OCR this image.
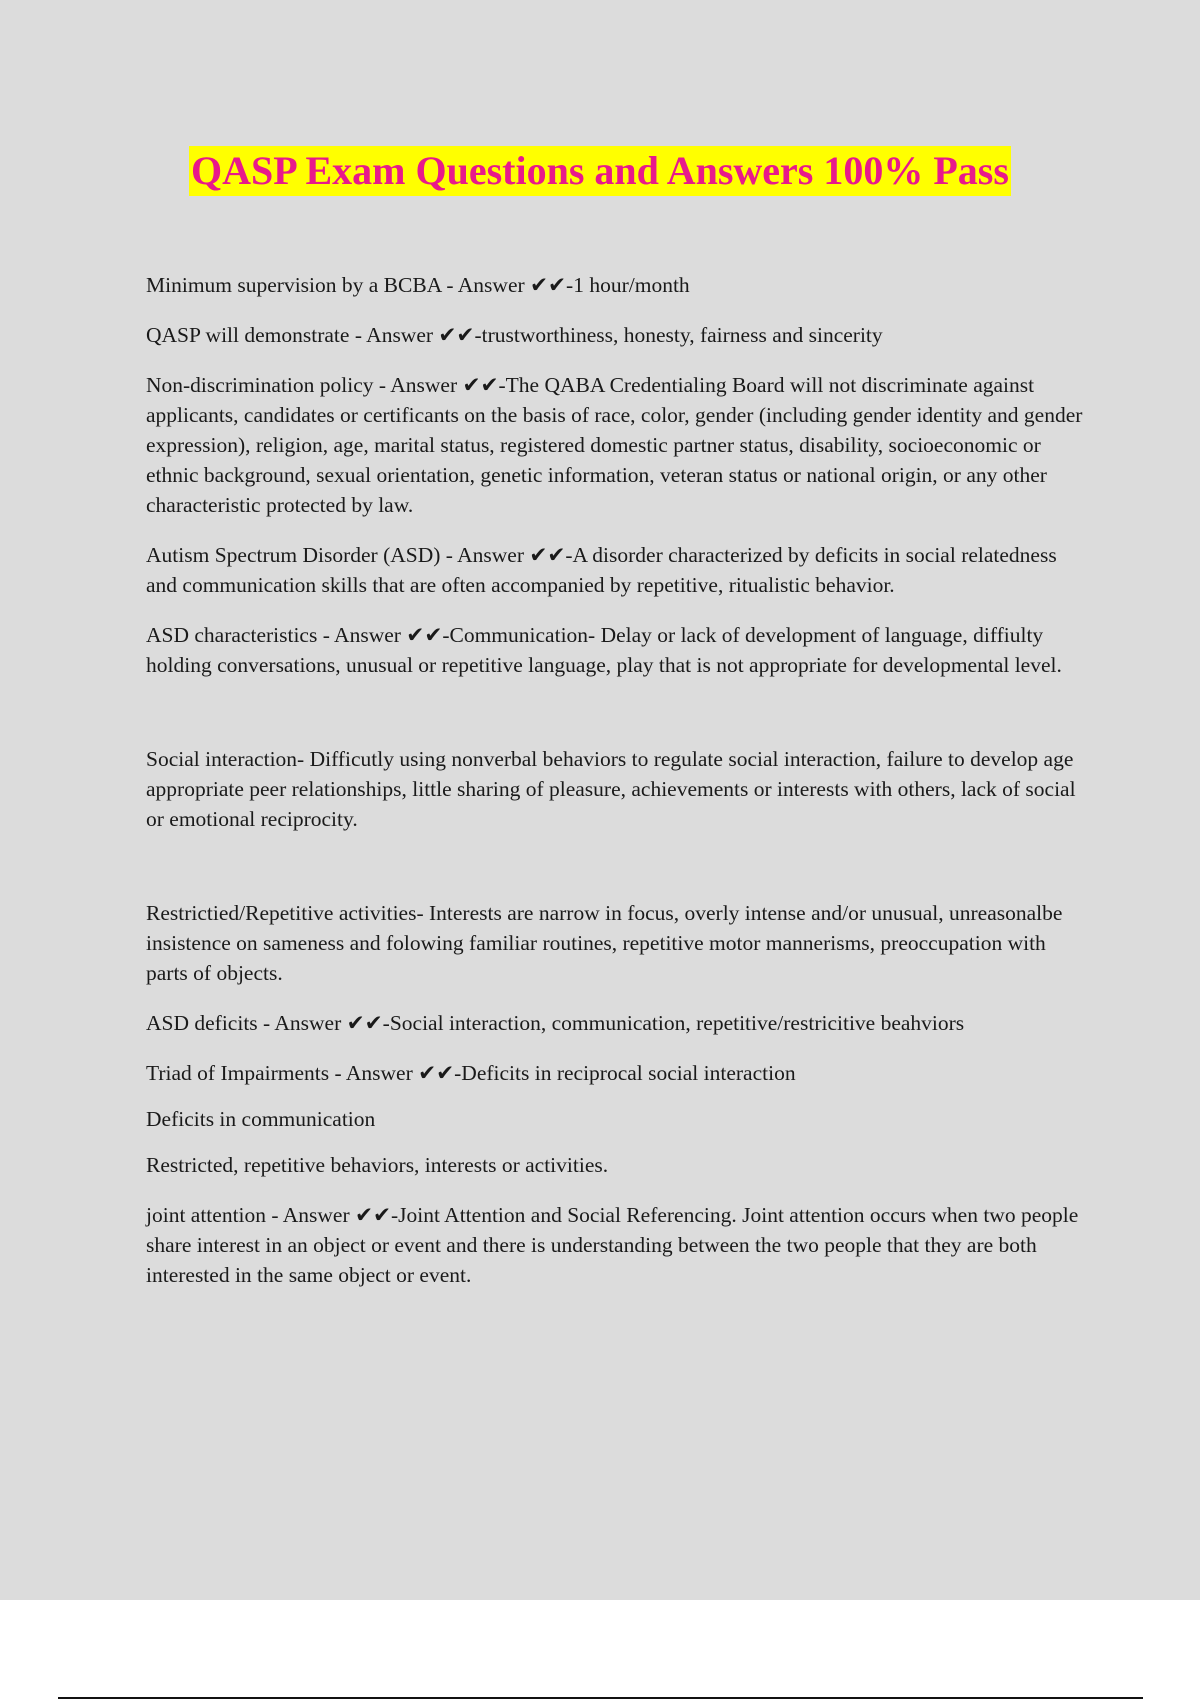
QASP Exam Questions and Answers 100% Pass

Minimum supervision by a BCBA - Answer ✔✔-1 hour/month

QASP will demonstrate - Answer ✔✔-trustworthiness, honesty, fairness and sincerity

Non-discrimination policy - Answer ✔✔-The QABA Credentialing Board will not discriminate against applicants, candidates or certificants on the basis of race, color, gender (including gender identity and gender expression), religion, age, marital status, registered domestic partner status, disability, socioeconomic or ethnic background, sexual orientation, genetic information, veteran status or national origin, or any other characteristic protected by law.

Autism Spectrum Disorder (ASD) - Answer ✔✔-A disorder characterized by deficits in social relatedness and communication skills that are often accompanied by repetitive, ritualistic behavior.

ASD characteristics - Answer ✔✔-Communication- Delay or lack of development of language, diffiulty holding conversations, unusual or repetitive language, play that is not appropriate for developmental level.

Social interaction- Difficutly using nonverbal behaviors to regulate social interaction, failure to develop age appropriate peer relationships, little sharing of pleasure, achievements or interests with others, lack of social or emotional reciprocity.

Restrictied/Repetitive activities- Interests are narrow in focus, overly intense and/or unusual, unreasonalbe insistence on sameness and folowing familiar routines, repetitive motor mannerisms, preoccupation with parts of objects.

ASD deficits - Answer ✔✔-Social interaction, communication, repetitive/restricitive beahviors

Triad of Impairments - Answer ✔✔-Deficits in reciprocal social interaction

Deficits in communication

Restricted, repetitive behaviors, interests or activities.

joint attention - Answer ✔✔-Joint Attention and Social Referencing. Joint attention occurs when two people share interest in an object or event and there is understanding between the two people that they are both interested in the same object or event.
